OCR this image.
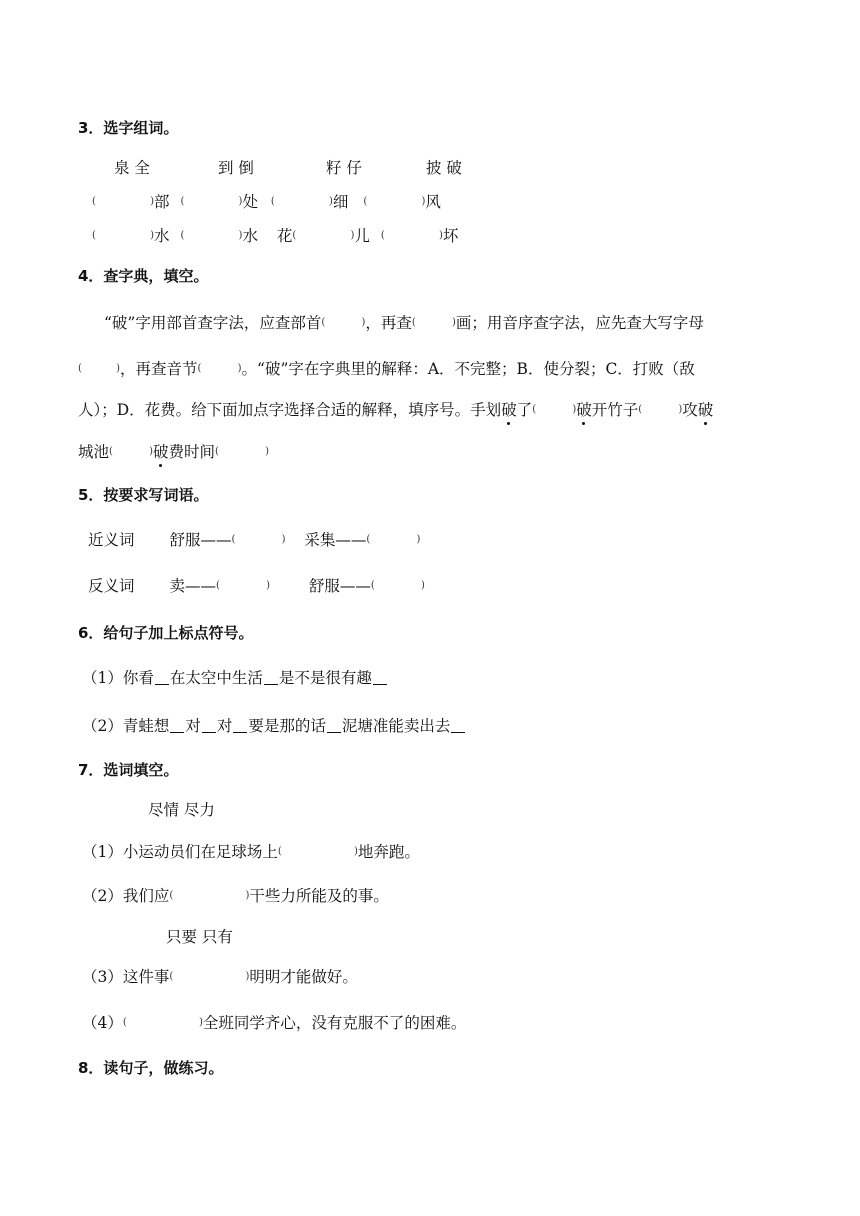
3．选字组词。
泉 全	到 倒	籽 仔	披 破
( )部 ( )	处 ( )	细 ( )	风
( )水 ( )	水 花 ( )	儿 ( )	坏
4．查字典，填空。
“破”字用部首查字法，应查部首 ( )	，再查 ( )	画；用音序查字法，应先查大写字母
( )，再查音节 ( )	。“破”字在字典里的解释：A．不完整；B．使分裂；C．打败（敌
人）；D．花费。给下面加点字选择合适的解释，填序号。手划破了 ( )	破开竹子 ( )	攻破
城池 ( )	破费时间( )
5．按要求写词语。
近义词 舒服—— ( )	采集——( )
反义词 卖—— ( )	舒服——( )
6．给句子加上标点符号。
（1）你看 在太空中生活 是不是很有趣
（2）青蛙想 对 对 要是那的话 泥塘准能卖出去
7．选词填空。
尽情 尽力
（1）小运动员们在足球场上 ( )	地奔跑。
（2）我们应 ( )	干些力所能及的事。
只要 只有
（3）这件事 ( )	明明才能做好。
（4） ( )	全班同学齐心，没有克服不了的困难。
8．读句子，做练习。
